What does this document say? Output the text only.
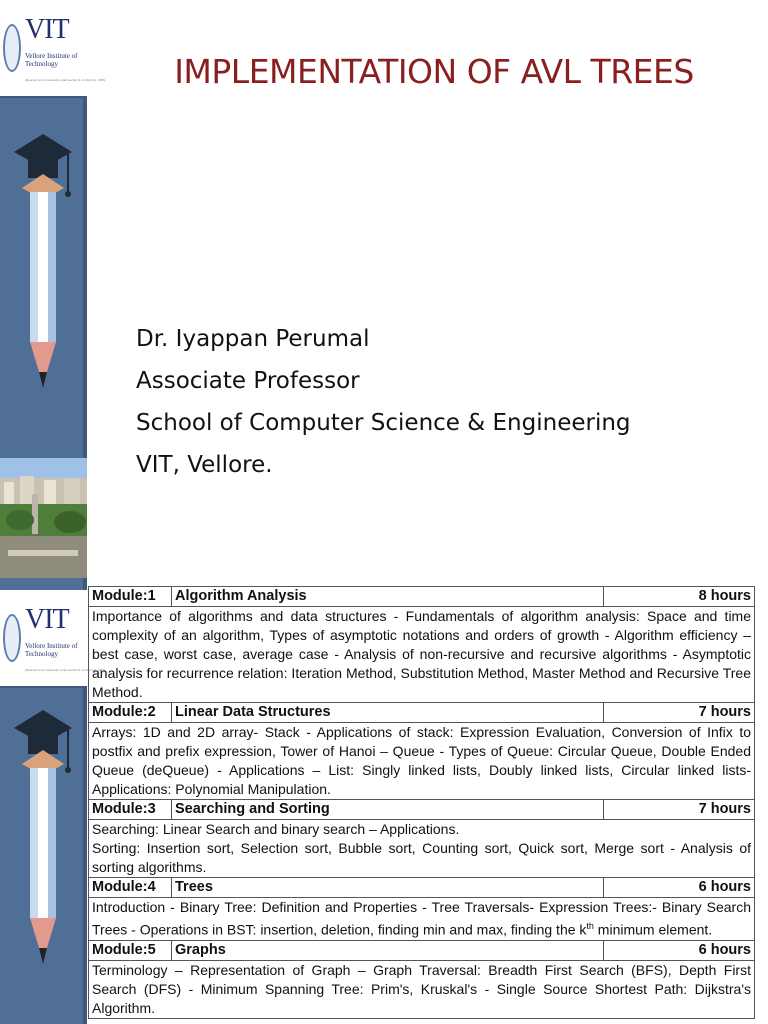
VIT
Vellore Institute of Technology
(Deemed to be University under section 3 of UGC Act, 1956)	IMPLEMENTATION OF AVL TREES
Dr. Iyappan Perumal
Associate Professor
School of Computer Science & Engineering
VIT, Vellore.
VIT
Vellore Institute of Technology
(Deemed to be University under section 3 of UGC Act, 1956)
Module:1	Algorithm Analysis	8 hours
Importance of algorithms and data structures - Fundamentals of algorithm analysis: Space and time complexity of an algorithm, Types of asymptotic notations and orders of growth - Algorithm efficiency – best case, worst case, average case - Analysis of non-recursive and recursive algorithms - Asymptotic analysis for recurrence relation: Iteration Method, Substitution Method, Master Method and Recursive Tree Method.		
Module:2	Linear Data Structures	7 hours
Arrays: 1D and 2D array- Stack - Applications of stack: Expression Evaluation, Conversion of Infix to postfix and prefix expression, Tower of Hanoi – Queue - Types of Queue: Circular Queue, Double Ended Queue (deQueue) - Applications – List: Singly linked lists, Doubly linked lists, Circular linked lists- Applications: Polynomial Manipulation.		
Module:3	Searching and Sorting	7 hours

Searching: Linear Search and binary search – Applications.
Sorting: Insertion sort, Selection sort, Bubble sort, Counting sort, Quick sort, Merge sort - Analysis of sorting algorithms.		

Module:4	Trees	6 hours
Introduction - Binary Tree: Definition and Properties - Tree Traversals- Expression Trees:- Binary Search Trees - Operations in BST: insertion, deletion, finding min and max, finding the $k^{th}$ minimum element.		
Module:5	Graphs	6 hours
Terminology – Representation of Graph – Graph Traversal: Breadth First Search (BFS), Depth First Search (DFS) - Minimum Spanning Tree: Prim's, Kruskal's - Single Source Shortest Path: Dijkstra's Algorithm.		
